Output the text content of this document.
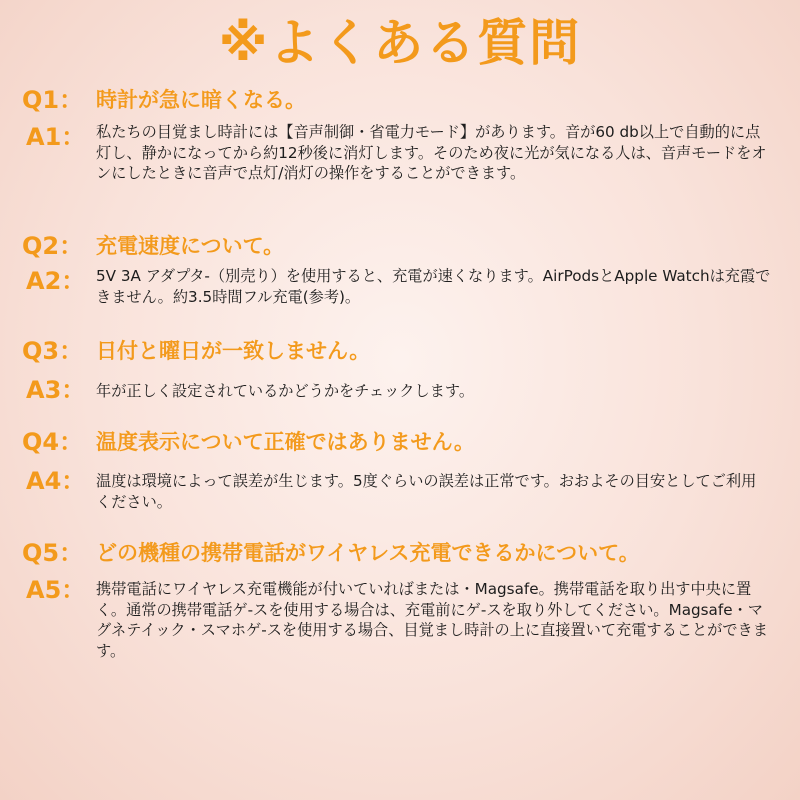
※よくある質問
Q1： 時計が急に暗くなる。
A1： 私たちの目覚まし時計には【音声制御・省電力モード】があります。音が60 db以上で自動的に点灯し、静かになってから約12秒後に消灯します。そのため夜に光が気になる人は、音声モードをオンにしたときに音声で点灯/消灯の操作をすることができます。
Q2： 充電速度について。
A2： 5V 3A アダプタ-（別売り）を使用すると、充電が速くなります。AirPodsとApple Watchは充霞できません。約3.5時間フル充電(参考)。
Q3： 日付と曜日が一致しません。
A3： 年が正しく設定されているかどうかをチェックします。
Q4： 温度表示について正確ではありません。
A4： 温度は環境によって誤差が生じます。5度ぐらいの誤差は正常です。おおよその目安としてご利用ください。
Q5： どの機種の携帯電話がワイヤレス充電できるかについて。
A5： 携帯電話にワイヤレス充電機能が付いていればまたは・Magsafe。携帯電話を取り出す中央に置く。通常の携帯電話ゲ-スを使用する場合は、充電前にゲ-スを取り外してください。Magsafe・マグネテイック・スマホゲ-スを使用する場合、目覚まし時計の上に直接置いて充電することができます。
